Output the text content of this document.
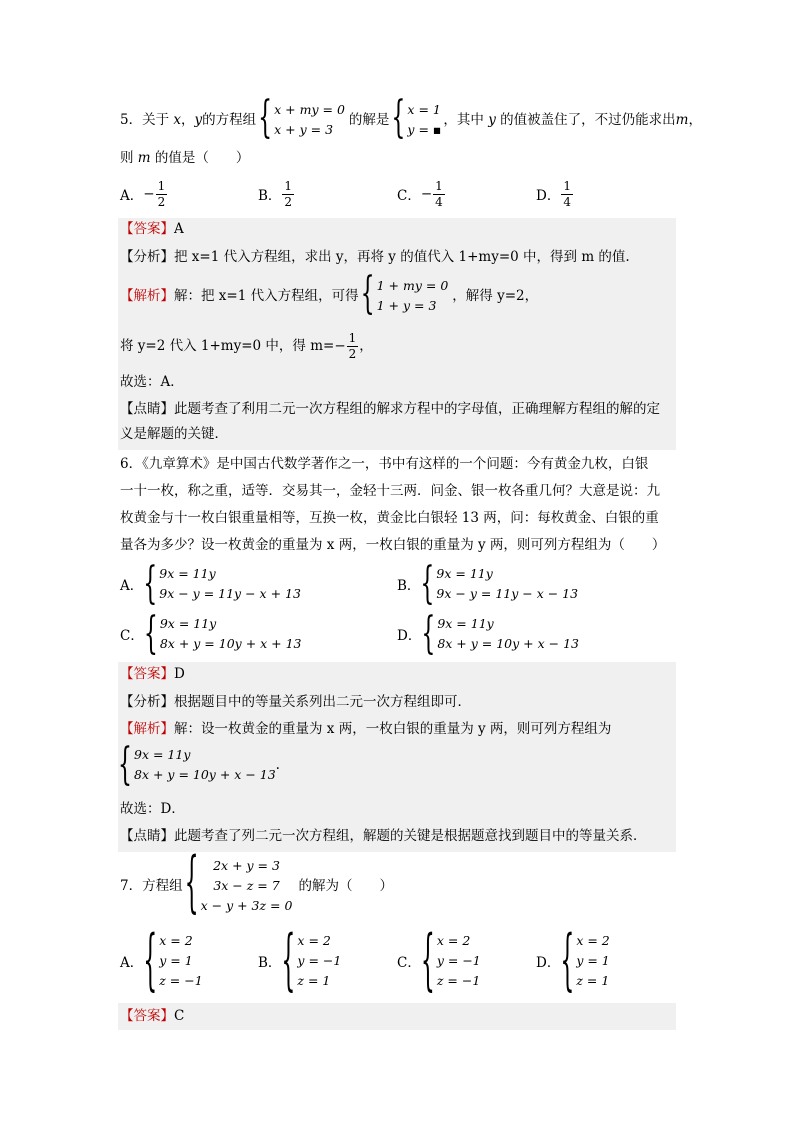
5． 关于
x ， y 的方程组 { x + my = 0
x + y = 3
的解是 { x = 1
y = ▪
，其中
y
的值被盖住了，不过仍能求出 m ，
则 m 的值是（　　）
A． − $\frac{1}{2}$	B． $\frac{1}{2}$	C． − $\frac{1}{4}$	D． $\frac{1}{4}$
【答案】A
【分析】把 x=1 代入方程组，求出 y，再将 y 的值代入 1+my=0 中，得到 m 的值.
【解析】 解：把 x=1 代入方程组，可得 { 1 + my = 0
1 + y = 3
，解得 y=2，
将 y=2 代入 1+my=0 中，得 $m=- \frac{1}{2}$ ，
故选：A．
【点睛】此题考查了利用二元一次方程组的解求方程中的字母值，正确理解方程组的解的定
义是解题的关键．
6．《九章算术》是中国古代数学著作之一，书中有这样的一个问题：今有黄金九枚，白银
一十一枚，称之重，适等．交易其一，金轻十三两．问金、银一枚各重几何？大意是说：九
枚黄金与十一枚白银重量相等，互换一枚，黄金比白银轻 13 两，问：每枚黄金、白银的重
量各为多少？设一枚黄金的重量为 x 两，一枚白银的重量为 y 两，则可列方程组为（　　）
A． { 9x = 11y
9x − y = 11y − x + 13	B． { 9x = 11y
9x − y = 11y − x − 13
C． { 9x = 11y
8x + y = 10y + x + 13	D． { 9x = 11y
8x + y = 10y + x − 13
【答案】D
【分析】根据题目中的等量关系列出二元一次方程组即可．
【解析】解：设一枚黄金的重量为 x 两，一枚白银的重量为 y 两，则可列方程组为
{ 9x = 11y
8x + y = 10y + x − 13
.
故选：D．
【点睛】此题考查了列二元一次方程组，解题的关键是根据题意找到题目中的等量关系．
7．方程组 { 2x + y = 3
3x − z = 7
x − y + 3z = 0
的解为（　　）
A． { x = 2
y = 1
z = −1
B． { x = 2
y = −1
z = 1
C． { x = 2
y = −1
z = −1
D． { x = 2
y = 1
z = 1
【答案】C
